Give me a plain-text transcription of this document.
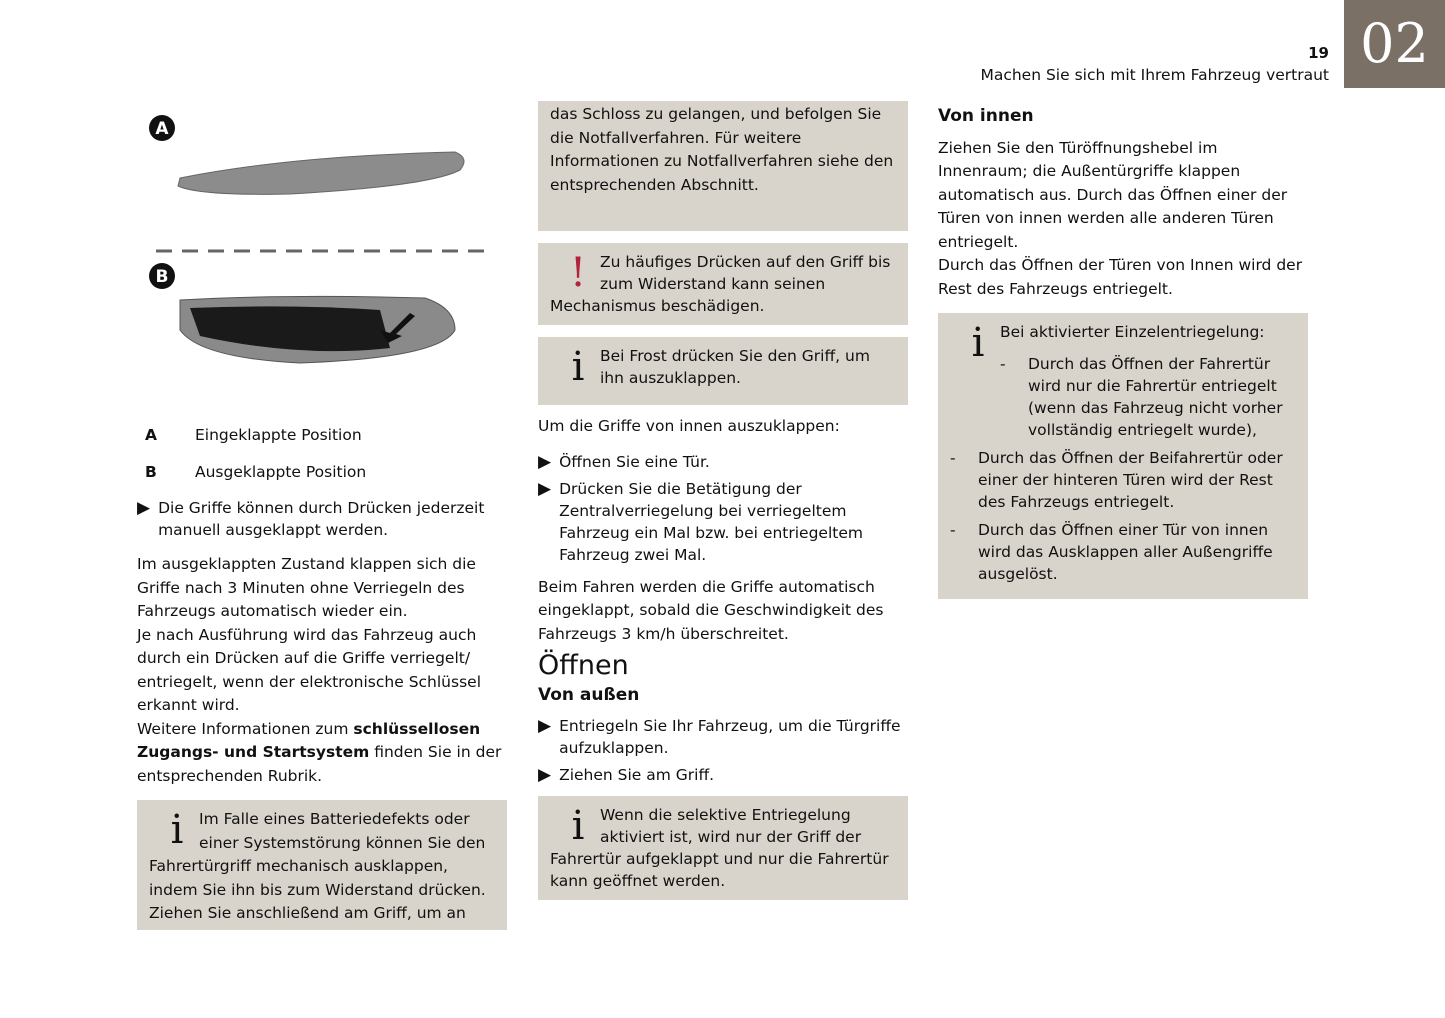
02
19
Machen Sie sich mit Ihrem Fahrzeug vertraut
A
B
A	Eingeklappte Position
B	Ausgeklappte Position
▶ Die Griffe können durch Drücken jederzeit manuell ausgeklappt werden.

Im ausgeklappten Zustand klappen sich die Griffe nach 3 Minuten ohne Verriegeln des Fahrzeugs automatisch wieder ein.

Je nach Ausführung wird das Fahrzeug auch durch ein Drücken auf die Griffe verriegelt/ entriegelt, wenn der elektronische Schlüssel erkannt wird.

Weitere Informationen zum schlüssellosen Zugangs- und Startsystem finden Sie in der entsprechenden Rubrik.

i	Im Falle eines Batteriedefekts oder einer Systemstörung können Sie den Fahrertürgriff mechanisch ausklappen, indem Sie ihn bis zum Widerstand drücken. Ziehen Sie anschließend am Griff, um an
das Schloss zu gelangen, und befolgen Sie die Notfallverfahren. Für weitere Informationen zu Notfallverfahren siehe den entsprechenden Abschnitt.
! Zu häufiges Drücken auf den Griff bis zum Widerstand kann seinen Mechanismus beschädigen.
i	Bei Frost drücken Sie den Griff, um ihn auszuklappen.

Um die Griffe von innen auszuklappen:

▶ Öffnen Sie eine Tür.
▶ Drücken Sie die Betätigung der Zentralverriegelung bei verriegeltem Fahrzeug ein Mal bzw. bei entriegeltem Fahrzeug zwei Mal.

Beim Fahren werden die Griffe automatisch eingeklappt, sobald die Geschwindigkeit des Fahrzeugs 3 km/h überschreitet.

Öffnen
Von außen
▶ Entriegeln Sie Ihr Fahrzeug, um die Türgriffe aufzuklappen.
▶ Ziehen Sie am Griff.
i	Wenn die selektive Entriegelung aktiviert ist, wird nur der Griff der Fahrertür aufgeklappt und nur die Fahrertür kann geöffnet werden.
Von innen

Ziehen Sie den Türöffnungshebel im Innenraum; die Außentürgriffe klappen automatisch aus. Durch das Öffnen einer der Türen von innen werden alle anderen Türen entriegelt.

Durch das Öffnen der Türen von Innen wird der Rest des Fahrzeugs entriegelt.

i	Bei aktivierter Einzelentriegelung:
-	Durch das Öffnen der Fahrertür wird nur die Fahrertür entriegelt (wenn das Fahrzeug nicht vorher vollständig entriegelt wurde),
-	Durch das Öffnen der Beifahrertür oder einer der hinteren Türen wird der Rest des Fahrzeugs entriegelt.
-	Durch das Öffnen einer Tür von innen wird das Ausklappen aller Außengriffe ausgelöst.
